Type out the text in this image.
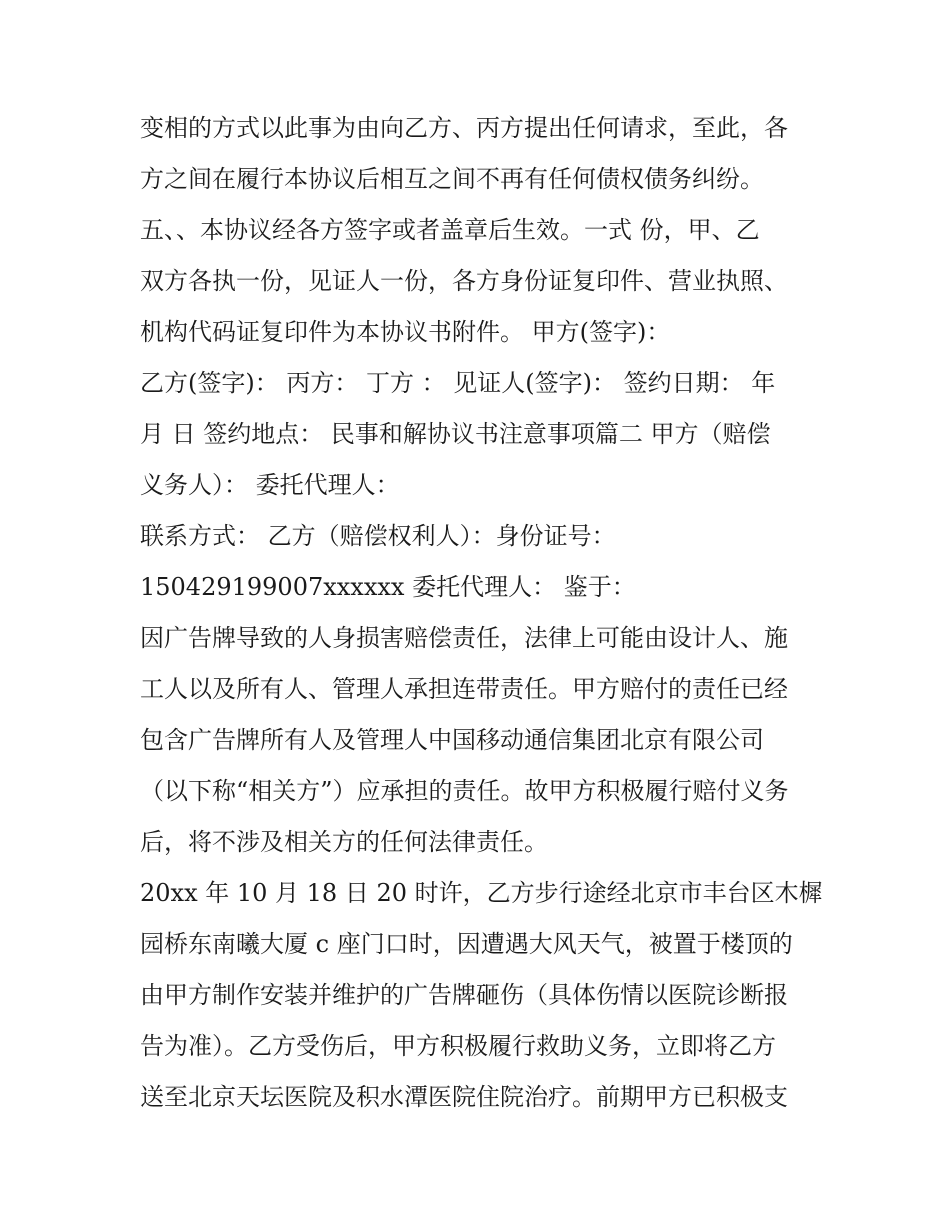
变相的方式以此事为由向乙方、丙方提出任何请求，至此，各
方之间在履行本协议后相互之间不再有任何债权债务纠纷。
五、、本协议经各方签字或者盖章后生效。一式 份，甲、乙
双方各执一份，见证人一份，各方身份证复印件、营业执照、
机构代码证复印件为本协议书附件。 甲方(签字)：
乙方(签字)： 丙方： 丁方 ： 见证人(签字)： 签约日期： 年
月 日 签约地点： 民事和解协议书注意事项篇二 甲方（赔偿
义务人）： 委托代理人：
联系方式： 乙方（赔偿权利人）：身份证号：
150429199007xxxxxx 委托代理人： 鉴于：
因广告牌导致的人身损害赔偿责任，法律上可能由设计人、施
工人以及所有人、管理人承担连带责任。甲方赔付的责任已经
包含广告牌所有人及管理人中国移动通信集团北京有限公司
（以下称“相关方”）应承担的责任。故甲方积极履行赔付义务
后，将不涉及相关方的任何法律责任。
20xx 年 10 月 18 日 20 时许，乙方步行途经北京市丰台区木樨
园桥东南曦大厦 c 座门口时，因遭遇大风天气，被置于楼顶的
由甲方制作安装并维护的广告牌砸伤（具体伤情以医院诊断报
告为准）。乙方受伤后，甲方积极履行救助义务，立即将乙方
送至北京天坛医院及积水潭医院住院治疗。前期甲方已积极支
